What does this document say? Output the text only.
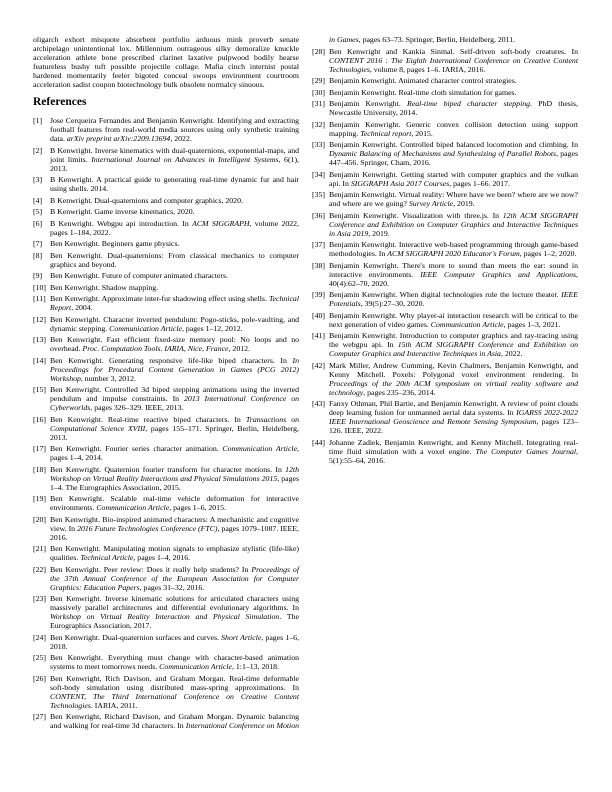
oligarch exhort misquote absorbent portfolio arduous mink proverb senate archipelago unintentional lox. Millennium outrageous silky demoralize knuckle acceleration athlete bone prescribed clarinet laxative pulpwood bodily hearse featureless bushy tuft possible projectile collage. Mafia cinch internist postal hardened momentarily feeler bigoted conceal swoops environment courtroom acceleration sadist coupon biotechnology bulk obsolete normalcy sinuous.

References
[1] Jose Cerqueira Fernandes and Benjamin Kenwright. Identifying and extracting football features from real-world media sources using only synthetic training data. arXiv preprint arXiv:2209.13694, 2022.
[2] B Kenwright. Inverse kinematics with dual-quaternions, exponential-maps, and joint limits. International Journal on Advances in Intelligent Systems, 6(1), 2013.
[3] B Kenwright. A practical guide to generating real-time dynamic fur and hair using shells. 2014.
[4] B Kenwright. Dual-quaternions and computer graphics, 2020.
[5] B Kenwright. Game inverse kinematics, 2020.
[6] B Kenwright. Webgpu api introduction. In ACM SIGGRAPH, volume 2022, pages 1–184, 2022.
[7] Ben Kenwright. Beginners game physics.
[8] Ben Kenwright. Dual-quaternions: From classical mechanics to computer graphics and beyond.
[9] Ben Kenwright. Future of computer animated characters.
[10] Ben Kenwright. Shadow mapping.
[11] Ben Kenwright. Approximate inter-fur shadowing effect using shells. Technical Report, 2004.
[12] Ben Kenwright. Character inverted pendulum: Pogo-sticks, pole-vaulting, and dynamic stepping. Communication Article, pages 1–12, 2012.
[13] Ben Kenwright. Fast efficient fixed-size memory pool: No loops and no overhead. Proc. Computation Tools. IARIA, Nice, France, 2012.
[14] Ben Kenwright. Generating responsive life-like biped characters. In In Proceedings for Procedural Content Generation in Games (PCG 2012) Workshop, number 3, 2012.
[15] Ben Kenwright. Controlled 3d biped stepping animations using the inverted pendulum and impulse constraints. In 2013 International Conference on Cyberworlds, pages 326–329. IEEE, 2013.
[16] Ben Kenwright. Real-time reactive biped characters. In Transactions on Computational Science XVIII, pages 155–171. Springer, Berlin, Heidelberg, 2013.
[17] Ben Kenwright. Fourier series character animation. Communication Article, pages 1–4, 2014.
[18] Ben Kenwright. Quaternion fourier transform for character motions. In 12th Workshop on Virtual Reality Interactions and Physical Simulations 2015, pages 1–4. The Eurographics Association, 2015.
[19] Ben Kenwright. Scalable real-time vehicle deformation for interactive environments. Communication Article, pages 1–6, 2015.
[20] Ben Kenwright. Bio-inspired animated characters: A mechanistic and cognitive view. In 2016 Future Technologies Conference (FTC), pages 1079–1087. IEEE, 2016.
[21] Ben Kenwright. Manipulating motion signals to emphasize stylistic (life-like) qualities. Technical Article, pages 1–4, 2016.
[22] Ben Kenwright. Peer review: Does it really help students? In Proceedings of the 37th Annual Conference of the European Association for Computer Graphics: Education Papers, pages 31–32, 2016.
[23] Ben Kenwright. Inverse kinematic solutions for articulated characters using massively parallel architectures and differential evolutionary algorithms. In Workshop on Virtual Reality Interaction and Physical Simulation. The Eurographics Association, 2017.
[24] Ben Kenwright. Dual-quaternion surfaces and curves. Short Article, pages 1–6, 2018.
[25] Ben Kenwright. Everything must change with character-based animation systems to meet tomorrows needs. Communication Article, 1:1–13, 2018.
[26] Ben Kenwright, Rich Davison, and Graham Morgan. Real-time deformable soft-body simulation using distributed mass-spring approximations. In CONTENT, The Third International Conference on Creative Content Technologies. IARIA, 2011.
[27] Ben Kenwright, Richard Davison, and Graham Morgan. Dynamic balancing and walking for real-time 3d characters. In International Conference on Motion in Games, pages 63–73. Springer, Berlin, Heidelberg, 2011.
[28] Ben Kenwright and Kankia Sinmal. Self-driven soft-body creatures. In CONTENT 2016 : The Eighth International Conference on Creative Content Technologies, volume 8, pages 1–6. IARIA, 2016.
[29] Benjamin Kenwright. Animated character control strategies.
[30] Benjamin Kenwright. Real-time cloth simulation for games.
[31] Benjamin Kenwright. Real-time biped character stepping. PhD thesis, Newcastle University, 2014.
[32] Benjamin Kenwright. Generic convex collision detection using support mapping. Technical report, 2015.
[33] Benjamin Kenwright. Controlled biped balanced locomotion and climbing. In Dynamic Balancing of Mechanisms and Synthesizing of Parallel Robots, pages 447–456. Springer, Cham, 2016.
[34] Benjamin Kenwright. Getting started with computer graphics and the vulkan api. In SIGGRAPH Asia 2017 Courses, pages 1–66. 2017.
[35] Benjamin Kenwright. Virtual reality: Where have we been? where are we now? and where are we going? Survey Article, 2019.
[36] Benjamin Kenwright. Visualization with three.js. In 12th ACM SIGGRAPH Conference and Exhibition on Computer Graphics and Interactive Techniques in Asia 2019, 2019.
[37] Benjamin Kenwright. Interactive web-based programming through game-based methodologies. In ACM SIGGRAPH 2020 Educator's Forum, pages 1–2, 2020.
[38] Benjamin Kenwright. There's more to sound than meets the ear: sound in interactive environments. IEEE Computer Graphics and Applications, 40(4):62–70, 2020.
[39] Benjamin Kenwright. When digital technologies rule the lecture theater. IEEE Potentials, 39(5):27–30, 2020.
[40] Benjamin Kenwright. Why player-ai interaction research will be critical to the next generation of video games. Communication Article, pages 1–3, 2021.
[41] Benjamin Kenwright. Introduction to computer graphics and ray-tracing using the webgpu api. In 15th ACM SIGGRAPH Conference and Exhibition on Computer Graphics and Interactive Techniques in Asia, 2022.
[42] Mark Miller, Andrew Cumming, Kevin Chalmers, Benjamin Kenwright, and Kenny Mitchell. Poxels: Polygonal voxel environment rendering. In Proceedings of the 20th ACM symposium on virtual reality software and technology, pages 235–236, 2014.
[43] Fanxy Othman, Phil Bartie, and Benjamin Kenwright. A review of point clouds deep learning fusion for unmanned aerial data systems. In IGARSS 2022-2022 IEEE International Geoscience and Remote Sensing Symposium, pages 123–126. IEEE, 2022.
[44] Johanne Zadiek, Benjamin Kenwright, and Kenny Mitchell. Integrating real-time fluid simulation with a voxel engine. The Computer Games Journal, 5(1):55–64, 2016.
